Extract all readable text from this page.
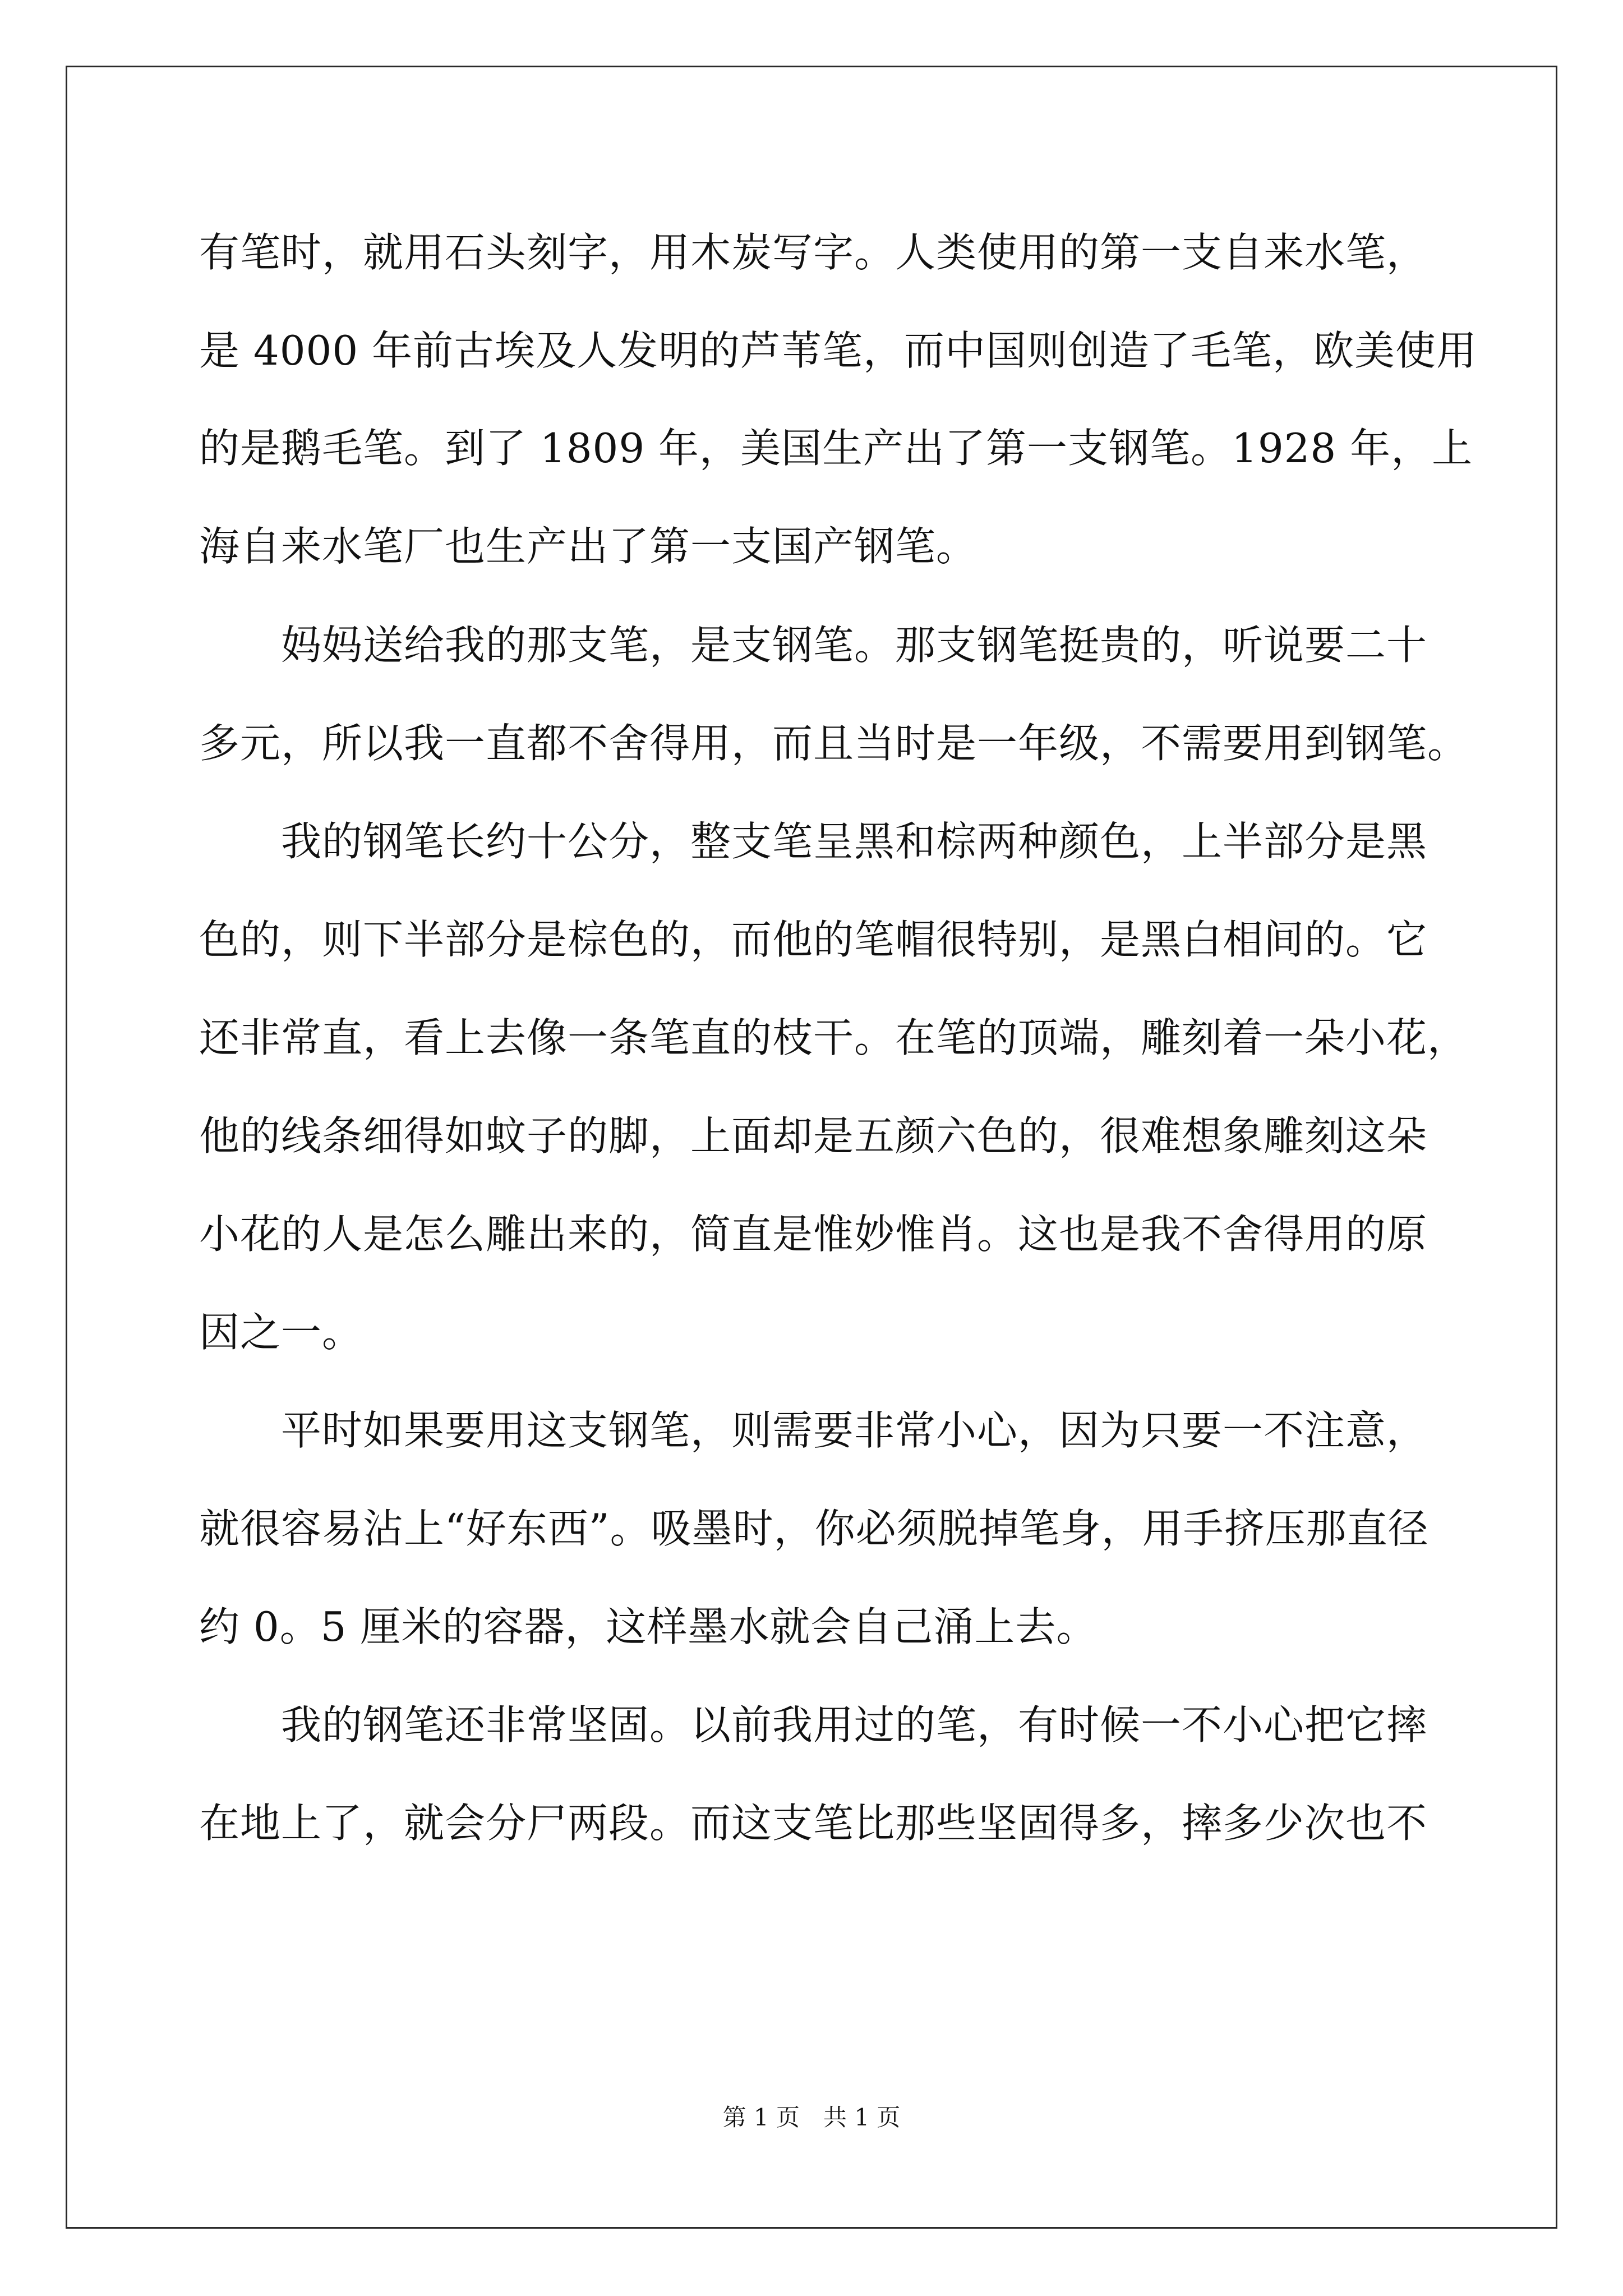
有笔时，就用石头刻字，用木炭写字。人类使用的第一支自来水笔，
是 4000 年前古埃及人发明的芦苇笔，而中国则创造了毛笔，欧美使用
的是鹅毛笔。到了 1809 年，美国生产出了第一支钢笔。1928 年，上
海自来水笔厂也生产出了第一支国产钢笔。
　　妈妈送给我的那支笔，是支钢笔。那支钢笔挺贵的，听说要二十
多元，所以我一直都不舍得用，而且当时是一年级，不需要用到钢笔。
　　我的钢笔长约十公分，整支笔呈黑和棕两种颜色，上半部分是黑
色的，则下半部分是棕色的，而他的笔帽很特别，是黑白相间的。它
还非常直，看上去像一条笔直的枝干。在笔的顶端，雕刻着一朵小花，
他的线条细得如蚊子的脚，上面却是五颜六色的，很难想象雕刻这朵
小花的人是怎么雕出来的，简直是惟妙惟肖。这也是我不舍得用的原
因之一。
　　平时如果要用这支钢笔，则需要非常小心，因为只要一不注意，
就很容易沾上“好东西”。吸墨时，你必须脱掉笔身，用手挤压那直径
约 0。5 厘米的容器，这样墨水就会自己涌上去。
　　我的钢笔还非常坚固。以前我用过的笔，有时候一不小心把它摔
在地上了，就会分尸两段。而这支笔比那些坚固得多，摔多少次也不
第 1 页　共 1 页
